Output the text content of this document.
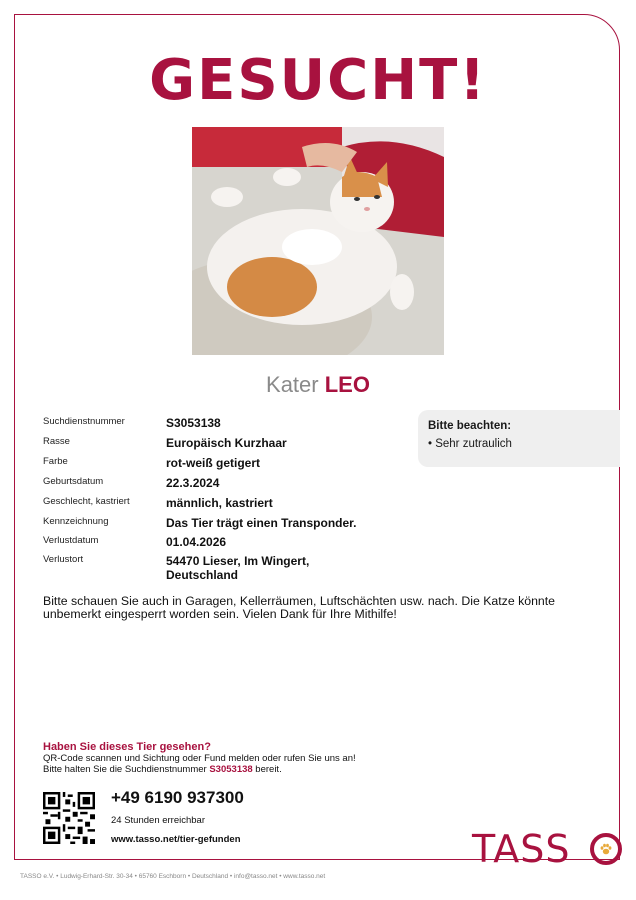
GESUCHT!
Kater LEO
Suchdienstnummer	S3053138
Rasse	Europäisch Kurzhaar
Farbe	rot-weiß getigert
Geburtsdatum	22.3.2024
Geschlecht, kastriert	männlich, kastriert
Kennzeichnung	Das Tier trägt einen Transponder.
Verlustdatum	01.04.2026
Verlustort	54470 Lieser, Im Wingert, Deutschland
Bitte beachten:
• Sehr zutraulich
Bitte schauen Sie auch in Garagen, Kellerräumen, Luftschächten usw. nach. Die Katze könnte unbemerkt eingesperrt worden sein. Vielen Dank für Ihre Mithilfe!
Haben Sie dieses Tier gesehen?
QR-Code scannen und Sichtung oder Fund melden oder rufen Sie uns an!
Bitte halten Sie die Suchdienstnummer S3053138 bereit.
+49 6190 937300
24 Stunden erreichbar
www.tasso.net/tier-gefunden	TASS
TASSO e.V. • Ludwig-Erhard-Str. 30-34 • 65760 Eschborn • Deutschland • info@tasso.net • www.tasso.net
